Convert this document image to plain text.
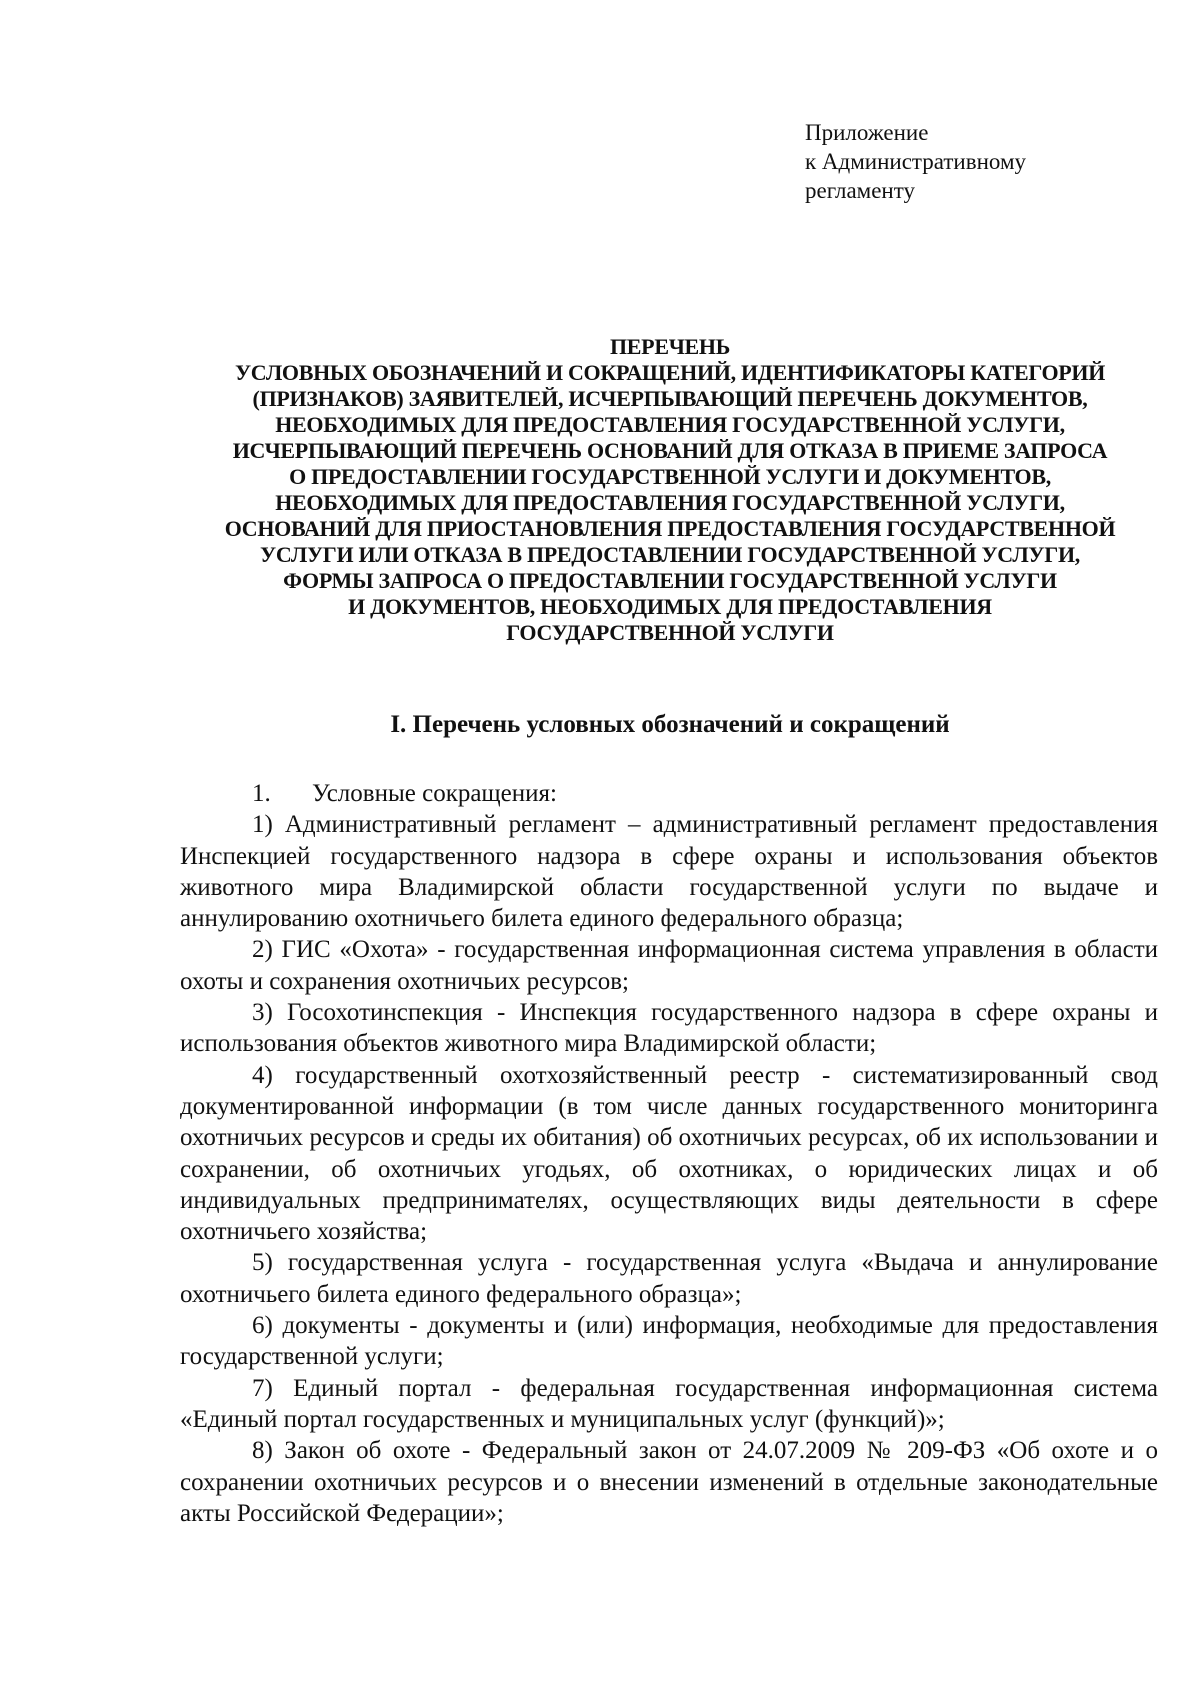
Приложение
к Административному
регламенту
ПЕРЕЧЕНЬ
УСЛОВНЫХ ОБОЗНАЧЕНИЙ И СОКРАЩЕНИЙ, ИДЕНТИФИКАТОРЫ КАТЕГОРИЙ
(ПРИЗНАКОВ) ЗАЯВИТЕЛЕЙ, ИСЧЕРПЫВАЮЩИЙ ПЕРЕЧЕНЬ ДОКУМЕНТОВ,
НЕОБХОДИМЫХ ДЛЯ ПРЕДОСТАВЛЕНИЯ ГОСУДАРСТВЕННОЙ УСЛУГИ,
ИСЧЕРПЫВАЮЩИЙ ПЕРЕЧЕНЬ ОСНОВАНИЙ ДЛЯ ОТКАЗА В ПРИЕМЕ ЗАПРОСА
О ПРЕДОСТАВЛЕНИИ ГОСУДАРСТВЕННОЙ УСЛУГИ И ДОКУМЕНТОВ,
НЕОБХОДИМЫХ ДЛЯ ПРЕДОСТАВЛЕНИЯ ГОСУДАРСТВЕННОЙ УСЛУГИ,
ОСНОВАНИЙ ДЛЯ ПРИОСТАНОВЛЕНИЯ ПРЕДОСТАВЛЕНИЯ ГОСУДАРСТВЕННОЙ
УСЛУГИ ИЛИ ОТКАЗА В ПРЕДОСТАВЛЕНИИ ГОСУДАРСТВЕННОЙ УСЛУГИ,
ФОРМЫ ЗАПРОСА О ПРЕДОСТАВЛЕНИИ ГОСУДАРСТВЕННОЙ УСЛУГИ
И ДОКУМЕНТОВ, НЕОБХОДИМЫХ ДЛЯ ПРЕДОСТАВЛЕНИЯ
ГОСУДАРСТВЕННОЙ УСЛУГИ
I. Перечень условных обозначений и сокращений

1. Условные сокращения:

1) Административный регламент – административный регламент предоставления Инспекцией государственного надзора в сфере охраны и использования объектов животного мира Владимирской области государственной услуги по выдаче и аннулированию охотничьего билета единого федерального образца;

2) ГИС «Охота» - государственная информационная система управления в области охоты и сохранения охотничьих ресурсов;

3) Госохотинспекция - Инспекция государственного надзора в сфере охраны и использования объектов животного мира Владимирской области;

4) государственный охотхозяйственный реестр - систематизированный свод документированной информации (в том числе данных государственного мониторинга охотничьих ресурсов и среды их обитания) об охотничьих ресурсах, об их использовании и сохранении, об охотничьих угодьях, об охотниках, о юридических лицах и об индивидуальных предпринимателях, осуществляющих виды деятельности в сфере охотничьего хозяйства;

5) государственная услуга - государственная услуга «Выдача и аннулирование охотничьего билета единого федерального образца»;

6) документы - документы и (или) информация, необходимые для предоставления государственной услуги;

7) Единый портал - федеральная государственная информационная система «Единый портал государственных и муниципальных услуг (функций)»;

8) Закон об охоте - Федеральный закон от 24.07.2009 № 209-ФЗ «Об охоте и о сохранении охотничьих ресурсов и о внесении изменений в отдельные законодательные акты Российской Федерации»;
